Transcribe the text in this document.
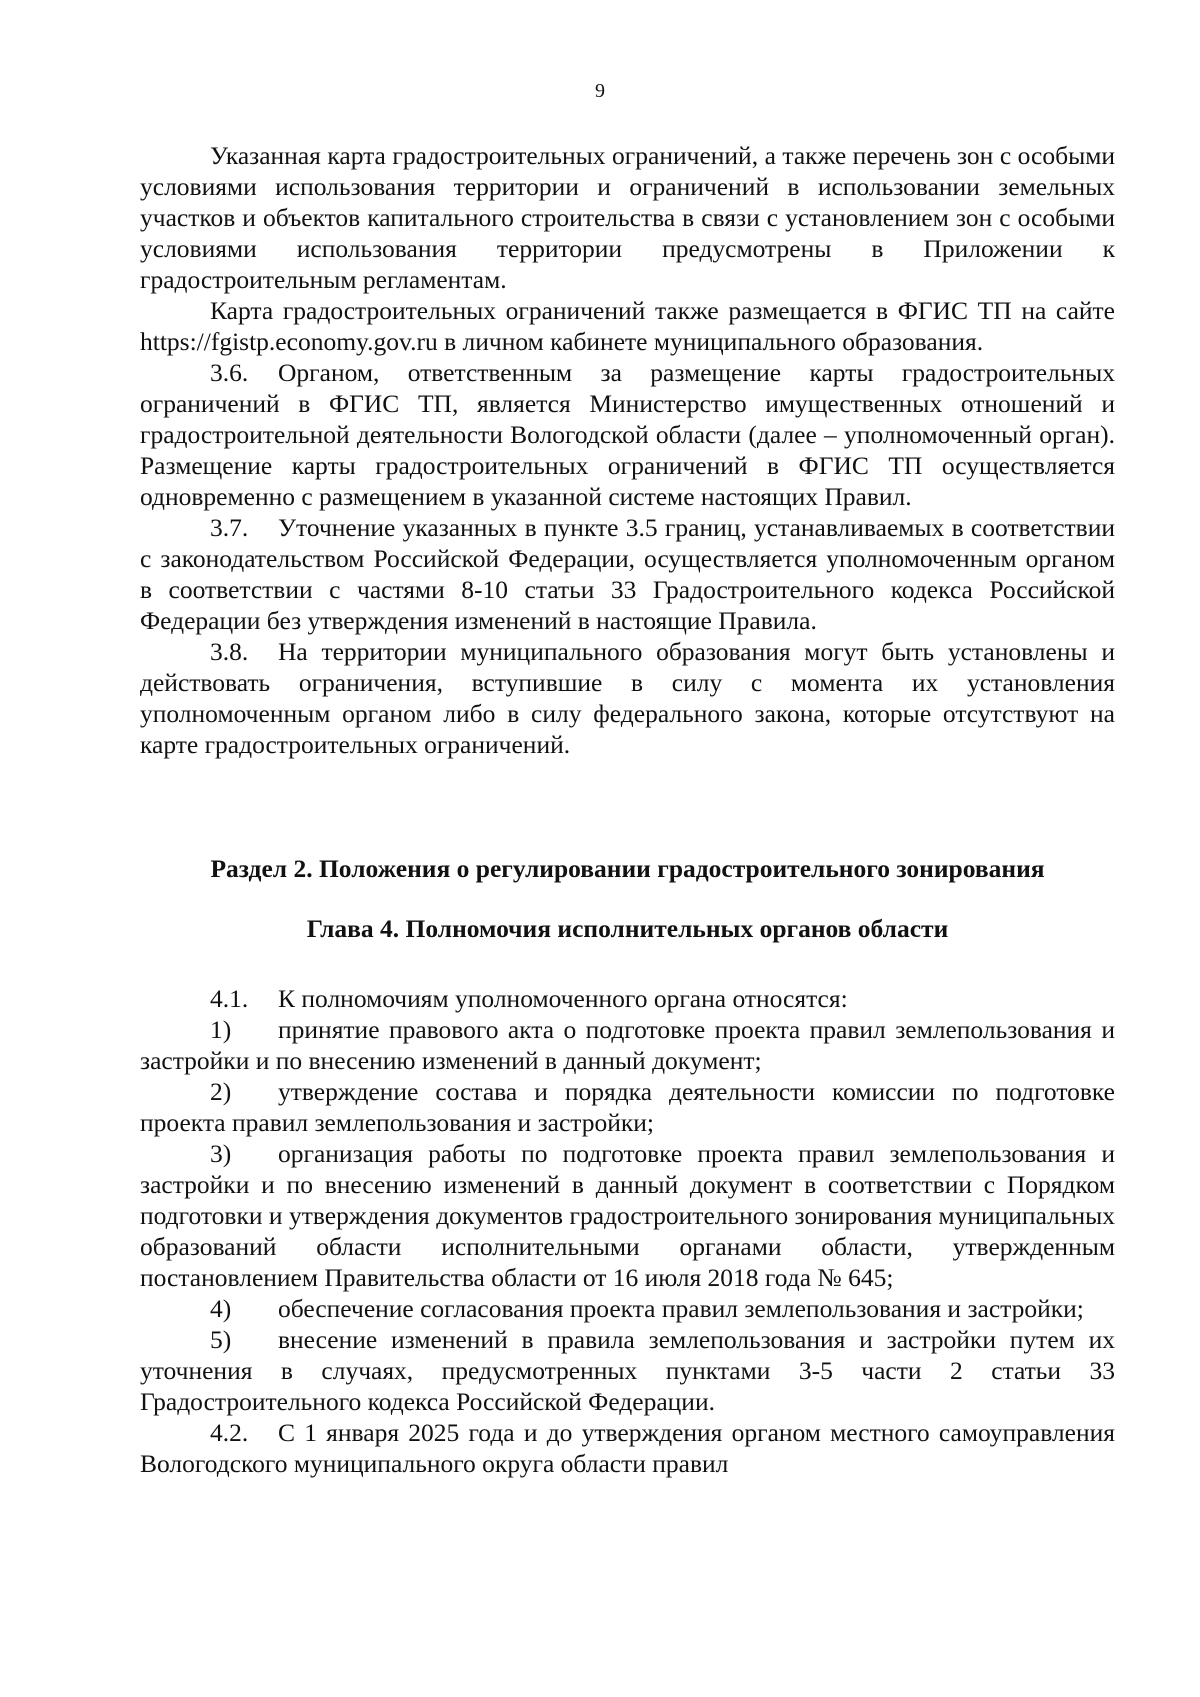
9

Указанная карта градостроительных ограничений, а также перечень зон с особыми условиями использования территории и ограничений в использовании земельных участков и объектов капитального строительства в связи с установлением зон с особыми условиями использования территории предусмотрены в Приложении к градостроительным регламентам.

Карта градостроительных ограничений также размещается в ФГИС ТП на сайте https://fgistp.economy.gov.ru в личном кабинете муниципального образования.

3.6. Органом, ответственным за размещение карты градостроительных ограничений в ФГИС ТП, является Министерство имущественных отношений и градостроительной деятельности Вологодской области (далее – уполномоченный орган). Размещение карты градостроительных ограничений в ФГИС ТП осуществляется одновременно с размещением в указанной системе настоящих Правил.

3.7. Уточнение указанных в пункте 3.5 границ, устанавливаемых в соответствии с законодательством Российской Федерации, осуществляется уполномоченным органом в соответствии с частями 8-10 статьи 33 Градостроительного кодекса Российской Федерации без утверждения изменений в настоящие Правила.

3.8. На территории муниципального образования могут быть установлены и действовать ограничения, вступившие в силу с момента их установления уполномоченным органом либо в силу федерального закона, которые отсутствуют на карте градостроительных ограничений.

Раздел 2. Положения о регулировании градостроительного зонирования

Глава 4. Полномочия исполнительных органов области

4.1. К полномочиям уполномоченного органа относятся:

1) принятие правового акта о подготовке проекта правил землепользования и застройки и по внесению изменений в данный документ;

2) утверждение состава и порядка деятельности комиссии по подготовке проекта правил землепользования и застройки;

3) организация работы по подготовке проекта правил землепользования и застройки и по внесению изменений в данный документ в соответствии с Порядком подготовки и утверждения документов градостроительного зонирования муниципальных образований области исполнительными органами области, утвержденным постановлением Правительства области от 16 июля 2018 года № 645;

4) обеспечение согласования проекта правил землепользования и застройки;

5) внесение изменений в правила землепользования и застройки путем их уточнения в случаях, предусмотренных пунктами 3-5 части 2 статьи 33 Градостроительного кодекса Российской Федерации.

4.2. С 1 января 2025 года и до утверждения органом местного самоуправления Вологодского муниципального округа области правил
